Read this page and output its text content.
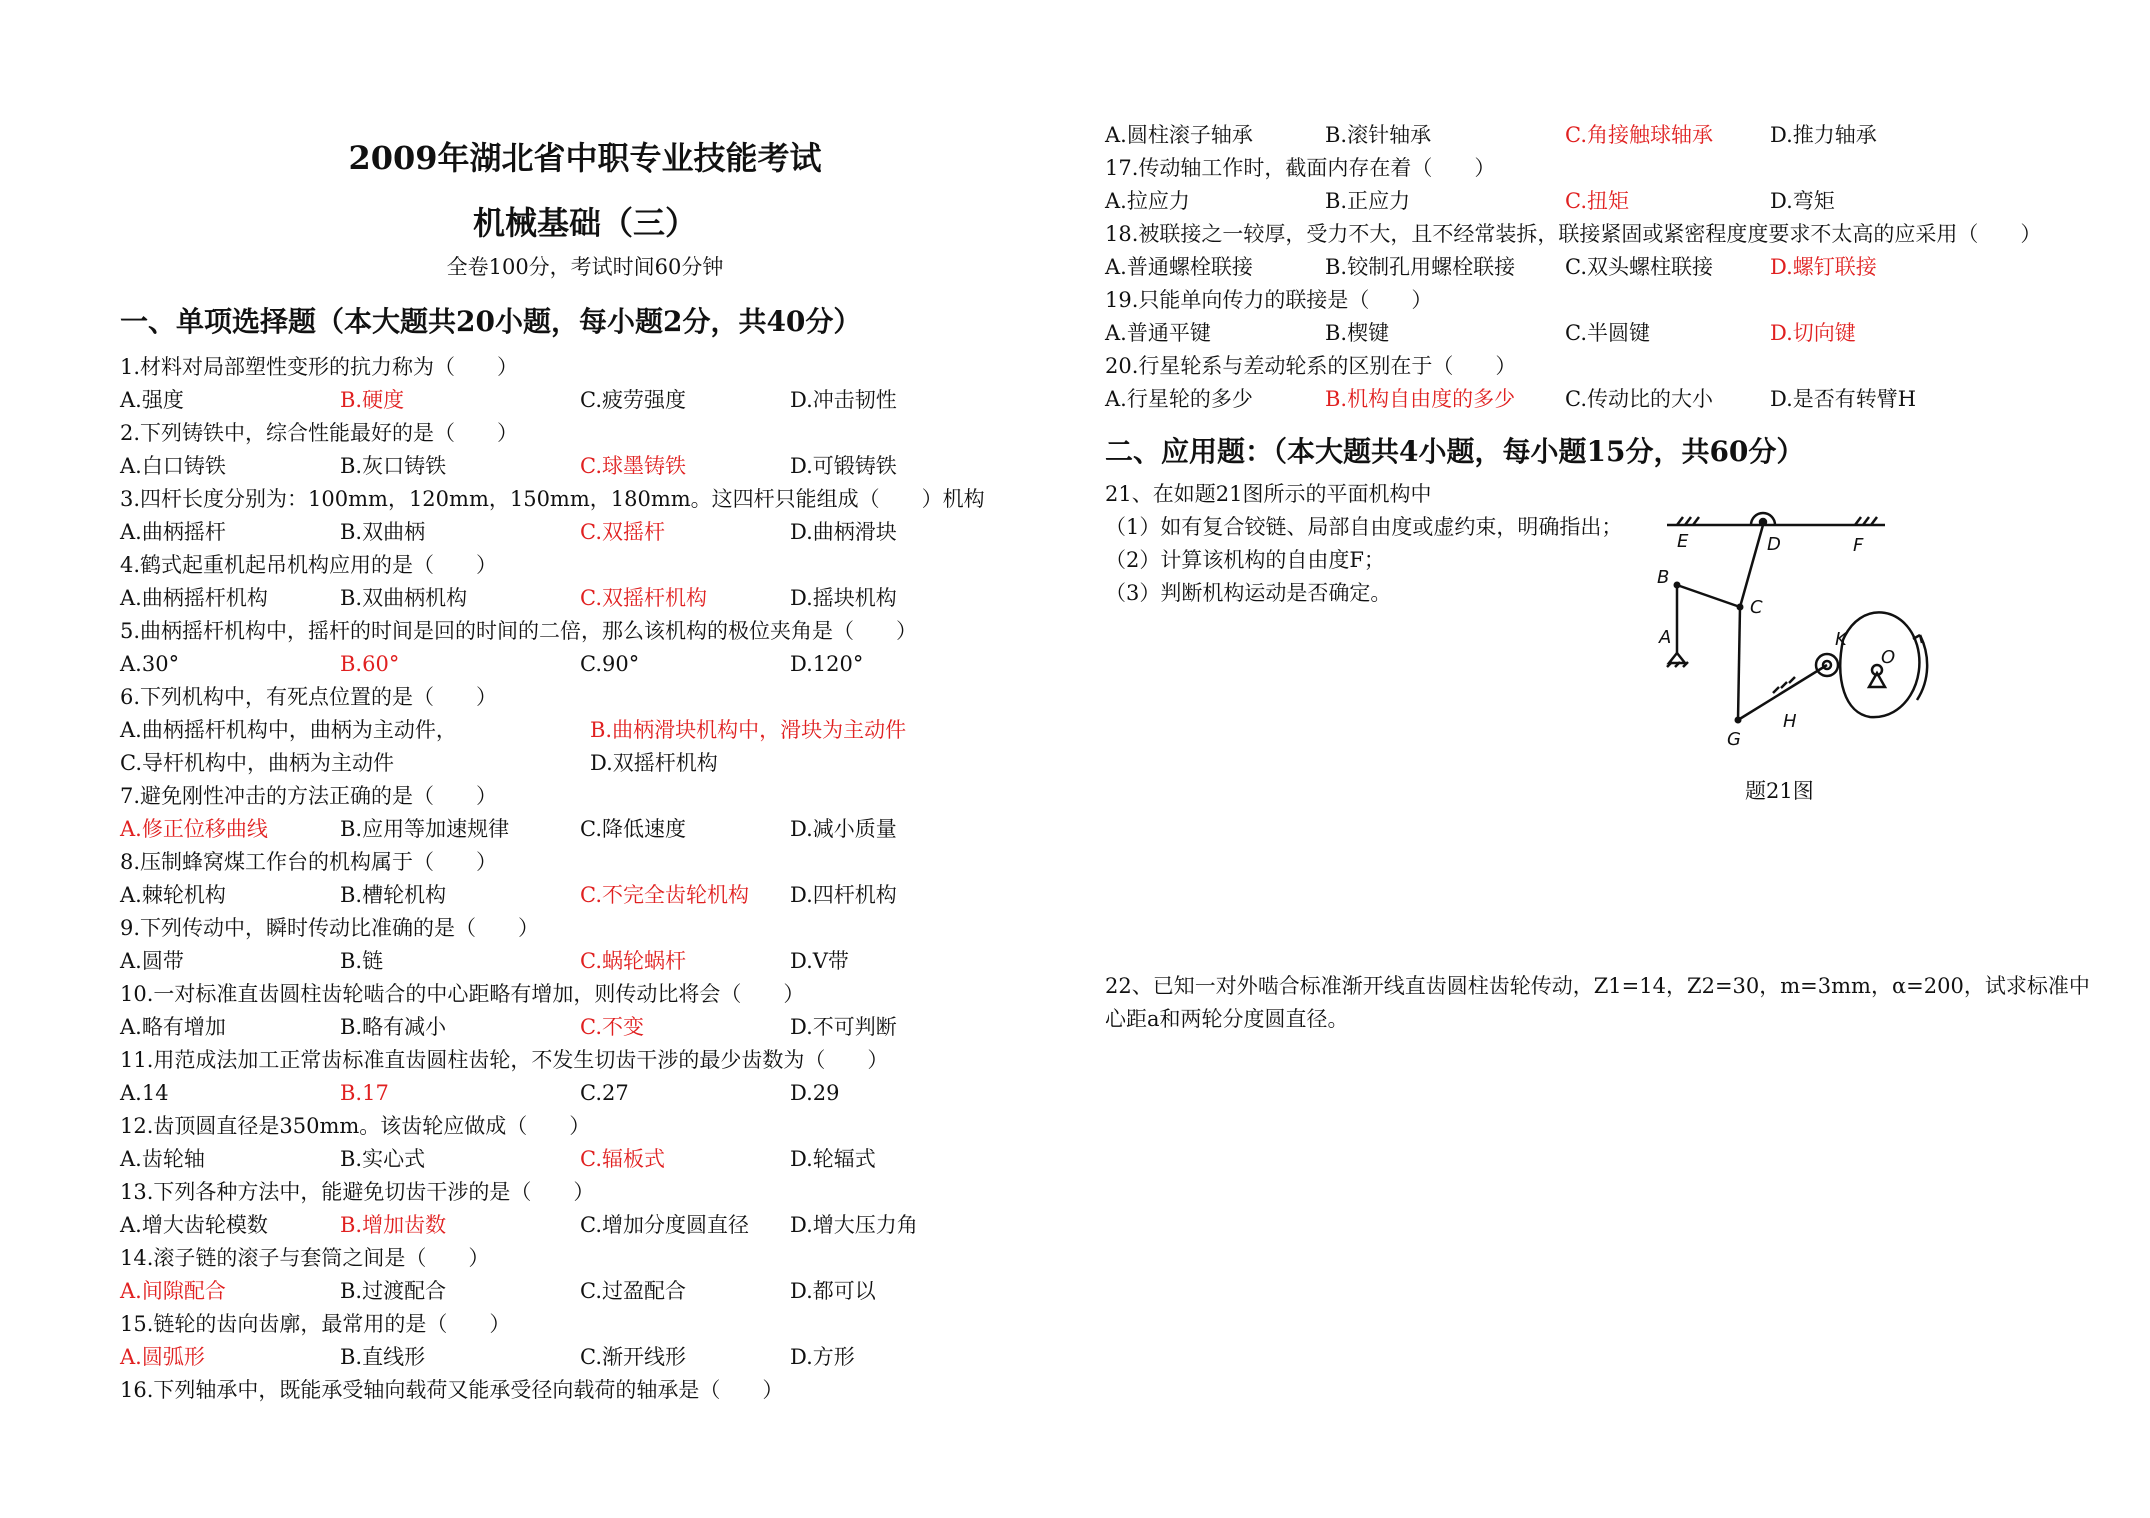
2009年湖北省中职专业技能考试
机械基础（三）
全卷100分，考试时间60分钟
一、单项选择题（本大题共20小题，每小题2分，共40分）
二、应用题：（本大题共4小题，每小题15分，共60分）
1.材料对局部塑性变形的抗力称为（　　）
A.强度	B.硬度	C.疲劳强度	D.冲击韧性
2.下列铸铁中，综合性能最好的是（　　）
A.白口铸铁	B.灰口铸铁	C.球墨铸铁	D.可锻铸铁
3.四杆长度分别为：100mm，120mm，150mm，180mm。这四杆只能组成（　　）机构
A.曲柄摇杆	B.双曲柄	C.双摇杆	D.曲柄滑块
4.鹤式起重机起吊机构应用的是（　　）
A.曲柄摇杆机构	B.双曲柄机构	C.双摇杆机构	D.摇块机构
5.曲柄摇杆机构中，摇杆的时间是回的时间的二倍，那么该机构的极位夹角是（　　）
A.30°	B.60°	C.90°	D.120°
6.下列机构中，有死点位置的是（　　）
A.曲柄摇杆机构中，曲柄为主动件，	B.曲柄滑块机构中，滑块为主动件
C.导杆机构中，曲柄为主动件	D.双摇杆机构
7.避免刚性冲击的方法正确的是（　　）
A.修正位移曲线	B.应用等加速规律	C.降低速度	D.减小质量
8.压制蜂窝煤工作台的机构属于（　　）
A.棘轮机构	B.槽轮机构	C.不完全齿轮机构 D.四杆机构
9.下列传动中，瞬时传动比准确的是（　　）
A.圆带	B.链	C.蜗轮蜗杆	D.V带
10.一对标准直齿圆柱齿轮啮合的中心距略有增加，则传动比将会（　　）
A.略有增加	B.略有减小	C.不变	D.不可判断
11.用范成法加工正常齿标准直齿圆柱齿轮，不发生切齿干涉的最少齿数为（　　）
A.14	B.17	C.27	D.29
12.齿顶圆直径是350mm。该齿轮应做成（　　）
A.齿轮轴	B.实心式	C.辐板式	D.轮辐式
13.下列各种方法中，能避免切齿干涉的是（　　）
A.增大齿轮模数	B.增加齿数	C.增加分度圆直径 D.增大压力角
14.滚子链的滚子与套筒之间是（　　）
A.间隙配合	B.过渡配合	C.过盈配合	D.都可以
15.链轮的齿向齿廓，最常用的是（　　）
A.圆弧形	B.直线形	C.渐开线形	D.方形
16.下列轴承中，既能承受轴向载荷又能承受径向载荷的轴承是（　　）
A.圆柱滚子轴承	B.滚针轴承	C.角接触球轴承	D.推力轴承
17.传动轴工作时，截面内存在着（　　）
A.拉应力	B.正应力	C.扭矩	D.弯矩
18.被联接之一较厚，受力不大，且不经常装拆，联接紧固或紧密程度度要求不太高的应采用（　　）
A.普通螺栓联接	B.铰制孔用螺栓联接 C.双头螺柱联接	D.螺钉联接
19.只能单向传力的联接是（　　）
A.普通平键	B.楔键	C.半圆键	D.切向键
20.行星轮系与差动轮系的区别在于（　　）
A.行星轮的多少	B.机构自由度的多少 C.传动比的大小	D.是否有转臂H
21、在如题21图所示的平面机构中
（1）如有复合铰链、局部自由度或虚约束，明确指出；
（2）计算该机构的自由度F；
（3）判断机构运动是否确定。
E	D	F
B
C
A	K
O
G
H
题21图
22、已知一对外啮合标准渐开线直齿圆柱齿轮传动，Z1=14，Z2=30，m=3mm，α=200，试求标准中
心距a和两轮分度圆直径。
